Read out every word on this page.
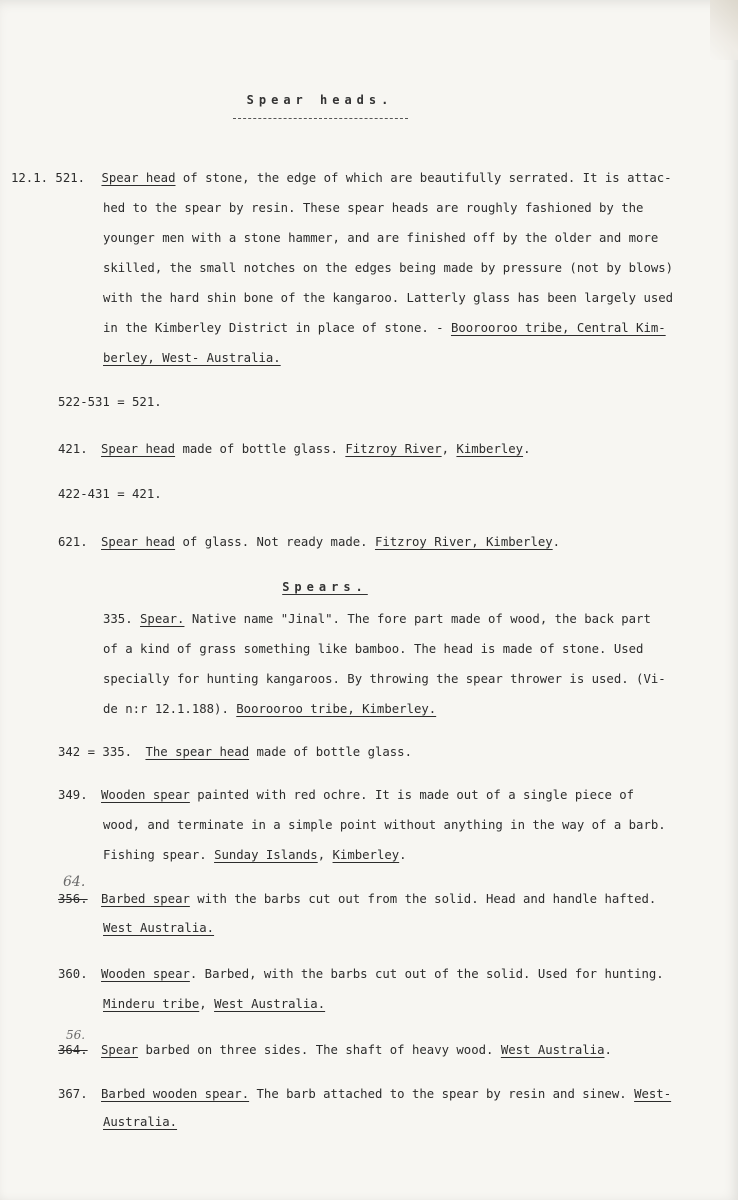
Spear heads.
12.1. 521. Spear head of stone, the edge of which are beautifully serrated. It is attac-
hed to the spear by resin. These spear heads are roughly fashioned by the
younger men with a stone hammer, and are finished off by the older and more
skilled, the small notches on the edges being made by pressure (not by blows)
with the hard shin bone of the kangaroo. Latterly glass has been largely used
in the Kimberley District in place of stone. - Boorooroo tribe, Central Kim-
berley, West- Australia.
522-531 = 521.
421. Spear head made of bottle glass. Fitzroy River, Kimberley.
422-431 = 421.
621. Spear head of glass. Not ready made. Fitzroy River, Kimberley.
Spears.
335. Spear. Native name "Jinal". The fore part made of wood, the back part
of a kind of grass something like bamboo. The head is made of stone. Used
specially for hunting kangaroos. By throwing the spear thrower is used. (Vi-
de n:r 12.1.188). Boorooroo tribe, Kimberley.
342 = 335. The spear head made of bottle glass.
349. Wooden spear painted with red ochre. It is made out of a single piece of
wood, and terminate in a simple point without anything in the way of a barb.
Fishing spear. Sunday Islands, Kimberley.
64.
356. Barbed spear with the barbs cut out from the solid. Head and handle hafted.
West Australia.
360. Wooden spear. Barbed, with the barbs cut out of the solid. Used for hunting.
Minderu tribe, West Australia.
56.
364. Spear barbed on three sides. The shaft of heavy wood. West Australia.
367. Barbed wooden spear. The barb attached to the spear by resin and sinew. West-
Australia.
